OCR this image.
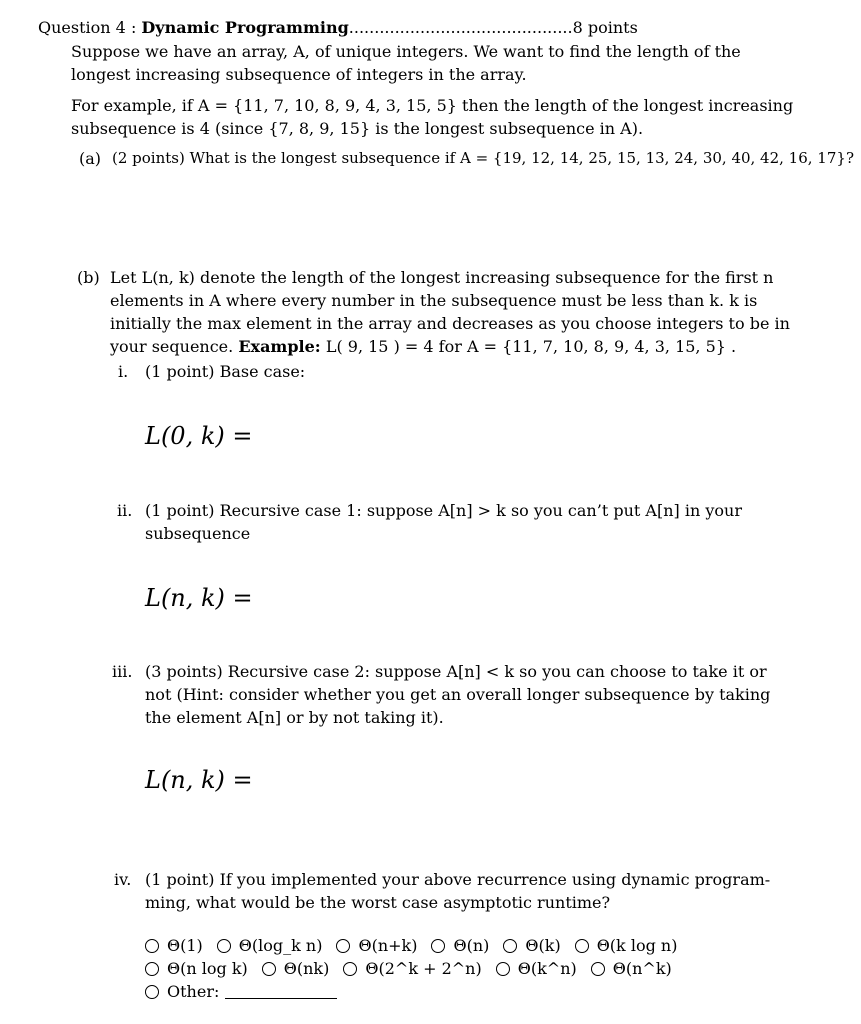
Question 4 : Dynamic Programming............................................8 points
Suppose we have an array, A, of unique integers. We want to find the length of the
longest increasing subsequence of integers in the array.
For example, if A = {11, 7, 10, 8, 9, 4, 3, 15, 5} then the length of the longest increasing
subsequence is 4 (since {7, 8, 9, 15} is the longest subsequence in A).
(a) (2 points) What is the longest subsequence if A = {19, 12, 14, 25, 15, 13, 24, 30, 40, 42, 16, 17}?
(b) Let L(n, k) denote the length of the longest increasing subsequence for the first n
elements in A where every number in the subsequence must be less than k. k is
initially the max element in the array and decreases as you choose integers to be in
your sequence. Example: L( 9, 15 ) = 4 for A = {11, 7, 10, 8, 9, 4, 3, 15, 5} .
i. (1 point) Base case:
L(0, k) =
ii. (1 point) Recursive case 1: suppose A[n] > k so you can’t put A[n] in your
subsequence
L(n, k) =
iii. (3 points) Recursive case 2: suppose A[n] < k so you can choose to take it or
not (Hint: consider whether you get an overall longer subsequence by taking
the element A[n] or by not taking it).
L(n, k) =
iv. (1 point) If you implemented your above recurrence using dynamic program-
ming, what would be the worst case asymptotic runtime?
Θ(1) Θ(log_k n) Θ(n+k) Θ(n) Θ(k) Θ(k log n)
Θ(n log k) Θ(nk) Θ(2^k + 2^n) Θ(k^n) Θ(n^k)
Other:
